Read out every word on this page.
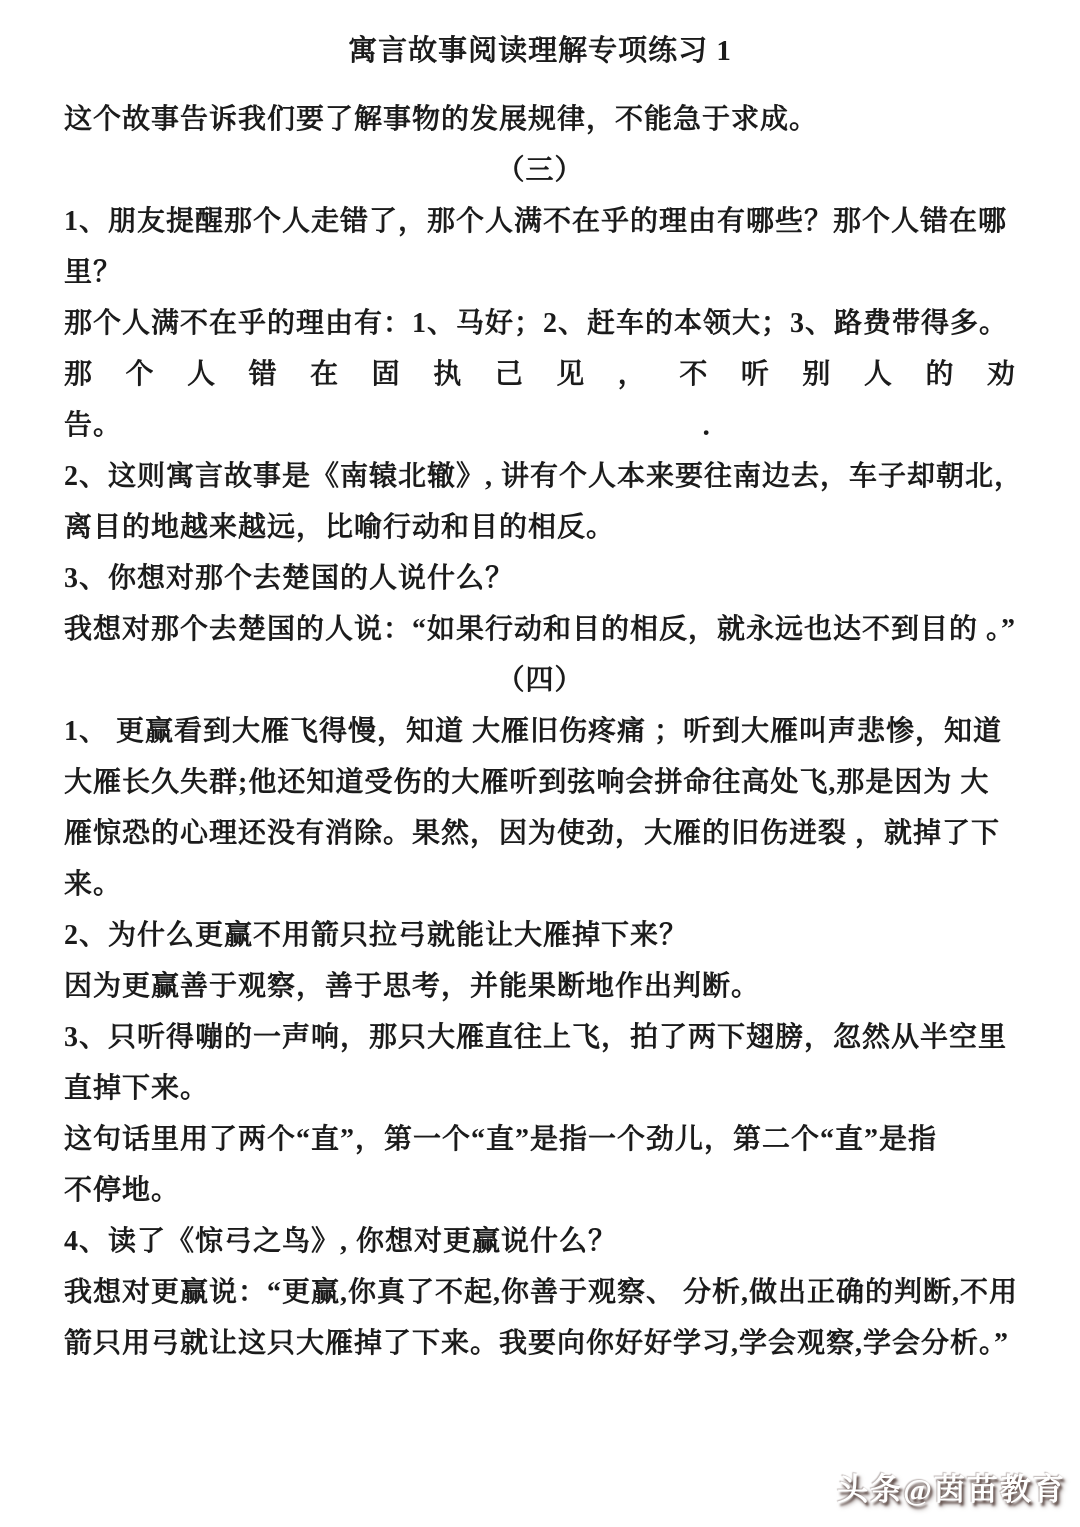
寓言故事阅读理解专项练习 1
这个故事告诉我们要了解事物的发展规律，不能急于求成。
（三）
1、朋友提醒那个人走错了，那个人满不在乎的理由有哪些？那个人错在哪
里？
那个人满不在乎的理由有：1、马好；2、赶车的本领大；3、路费带得多。
那 个 人 错 在 固 执 己 见 ， 不 听 别 人 的 劝
告。	．
2、这则寓言故事是《南辕北辙》, 讲有个人本来要往南边去，车子却朝北，
离目的地越来越远，比喻行动和目的相反。
3、你想对那个去楚国的人说什么？
我想对那个去楚国的人说：“如果行动和目的相反，就永远也达不到目的 。”
（四）
1、 更赢看到大雁飞得慢，知道 大雁旧伤疼痛 ；听到大雁叫声悲惨，知道
大雁长久失群;他还知道受伤的大雁听到弦响会拼命往高处飞,那是因为 大
雁惊恐的心理还没有消除。果然，因为使劲，大雁的旧伤迸裂 ，就掉了下
来。
2、为什么更赢不用箭只拉弓就能让大雁掉下来？
因为更赢善于观察，善于思考，并能果断地作出判断。
3、只听得嘣的一声响，那只大雁直往上飞，拍了两下翅膀，忽然从半空里
直掉下来。
这句话里用了两个“直”，第一个“直”是指一个劲儿，第二个“直”是指
不停地。
4、读了《惊弓之鸟》, 你想对更赢说什么？
我想对更赢说：“更赢,你真了不起,你善于观察、 分析,做出正确的判断,不用
箭只用弓就让这只大雁掉了下来。我要向你好好学习,学会观察,学会分析。”
头条@茵苗教育
